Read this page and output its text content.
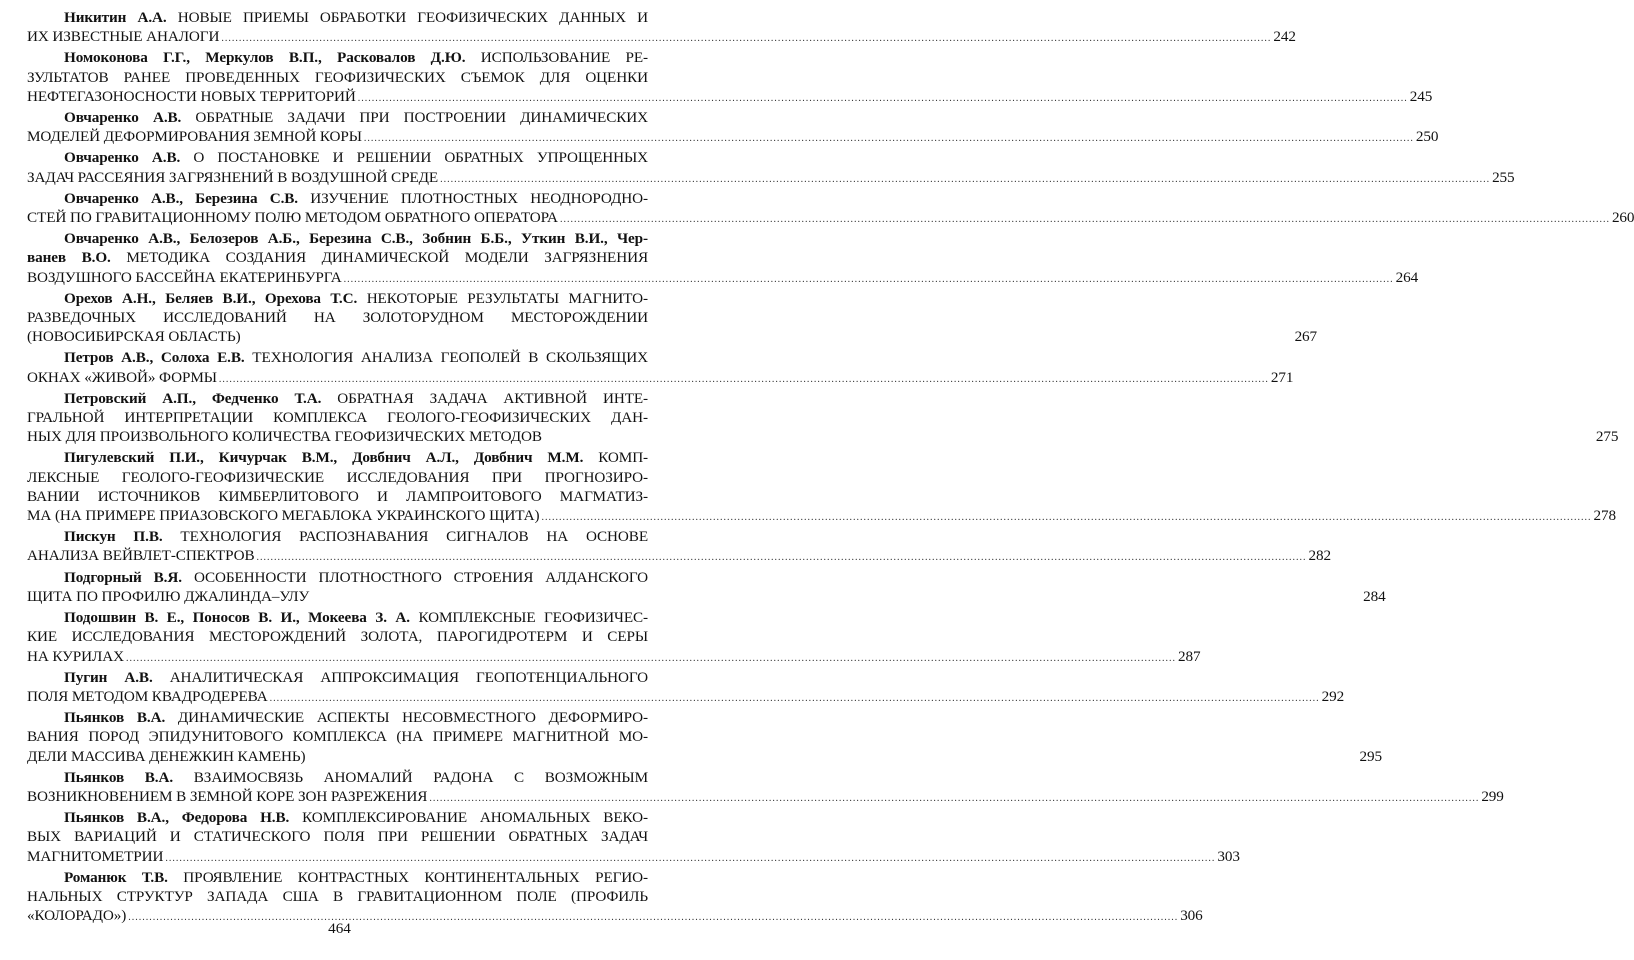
Никитин А.А. НОВЫЕ ПРИЕМЫ ОБРАБОТКИ ГЕОФИЗИЧЕСКИХ ДАННЫХ И
ИХ ИЗВЕСТНЫЕ АНАЛОГИ ............................................................................................................................................................................................................................................................................................................ 242
Номоконова Г.Г., Меркулов В.П., Расковалов Д.Ю. ИСПОЛЬЗОВАНИЕ РЕ-
ЗУЛЬТАТОВ РАНЕЕ ПРОВЕДЕННЫХ ГЕОФИЗИЧЕСКИХ СЪЕМОК ДЛЯ ОЦЕНКИ
НЕФТЕГАЗОНОСНОСТИ НОВЫХ ТЕРРИТОРИЙ ............................................................................................................................................................................................................................................................................................................ 245
Овчаренко А.В. ОБРАТНЫЕ ЗАДАЧИ ПРИ ПОСТРОЕНИИ ДИНАМИЧЕСКИХ
МОДЕЛЕЙ ДЕФОРМИРОВАНИЯ ЗЕМНОЙ КОРЫ ............................................................................................................................................................................................................................................................................................................ 250
Овчаренко А.В. О ПОСТАНОВКЕ И РЕШЕНИИ ОБРАТНЫХ УПРОЩЕННЫХ
ЗАДАЧ РАССЕЯНИЯ ЗАГРЯЗНЕНИЙ В ВОЗДУШНОЙ СРЕДЕ ............................................................................................................................................................................................................................................................................................................ 255
Овчаренко А.В., Березина С.В. ИЗУЧЕНИЕ ПЛОТНОСТНЫХ НЕОДНОРОДНО-
СТЕЙ ПО ГРАВИТАЦИОННОМУ ПОЛЮ МЕТОДОМ ОБРАТНОГО ОПЕРАТОРА ............................................................................................................................................................................................................................................................................................................ 260
Овчаренко А.В., Белозеров А.Б., Березина С.В., Зобнин Б.Б., Уткин В.И., Чер-
ванев В.О. МЕТОДИКА СОЗДАНИЯ ДИНАМИЧЕСКОЙ МОДЕЛИ ЗАГРЯЗНЕНИЯ
ВОЗДУШНОГО БАССЕЙНА ЕКАТЕРИНБУРГА ............................................................................................................................................................................................................................................................................................................ 264
Орехов А.Н., Беляев В.И., Орехова Т.С. НЕКОТОРЫЕ РЕЗУЛЬТАТЫ МАГНИТО-
РАЗВЕДОЧНЫХ ИССЛЕДОВАНИЙ НА ЗОЛОТОРУДНОМ МЕСТОРОЖДЕНИИ
(НОВОСИБИРСКАЯ ОБЛАСТЬ)	267
Петров А.В., Солоха Е.В. ТЕХНОЛОГИЯ АНАЛИЗА ГЕОПОЛЕЙ В СКОЛЬЗЯЩИХ
ОКНАХ «ЖИВОЙ» ФОРМЫ ............................................................................................................................................................................................................................................................................................................ 271
Петровский А.П., Федченко Т.А. ОБРАТНАЯ ЗАДАЧА АКТИВНОЙ ИНТЕ-
ГРАЛЬНОЙ ИНТЕРПРЕТАЦИИ КОМПЛЕКСА ГЕОЛОГО-ГЕОФИЗИЧЕСКИХ ДАН-
НЫХ ДЛЯ ПРОИЗВОЛЬНОГО КОЛИЧЕСТВА ГЕОФИЗИЧЕСКИХ МЕТОДОВ	275
Пигулевский П.И., Кичурчак В.М., Довбнич А.Л., Довбнич М.М. КОМП-
ЛЕКСНЫЕ ГЕОЛОГО-ГЕОФИЗИЧЕСКИЕ ИССЛЕДОВАНИЯ ПРИ ПРОГНОЗИРО-
ВАНИИ ИСТОЧНИКОВ КИМБЕРЛИТОВОГО И ЛАМПРОИТОВОГО МАГМАТИЗ-
МА (НА ПРИМЕРЕ ПРИАЗОВСКОГО МЕГАБЛОКА УКРАИНСКОГО ЩИТА) ............................................................................................................................................................................................................................................................................................................ 278
Пискун П.В. ТЕХНОЛОГИЯ РАСПОЗНАВАНИЯ СИГНАЛОВ НА ОСНОВЕ
АНАЛИЗА ВЕЙВЛЕТ-СПЕКТРОВ ............................................................................................................................................................................................................................................................................................................ 282
Подгорный В.Я. ОСОБЕННОСТИ ПЛОТНОСТНОГО СТРОЕНИЯ АЛДАНСКОГО
ЩИТА ПО ПРОФИЛЮ ДЖАЛИНДА–УЛУ	284
Подошвин В. Е., Поносов В. И., Мокеева З. А. КОМПЛЕКСНЫЕ ГЕОФИЗИЧЕС-
КИЕ ИССЛЕДОВАНИЯ МЕСТОРОЖДЕНИЙ ЗОЛОТА, ПАРОГИДРОТЕРМ И СЕРЫ
НА КУРИЛАХ ............................................................................................................................................................................................................................................................................................................ 287
Пугин А.В. АНАЛИТИЧЕСКАЯ АППРОКСИМАЦИЯ ГЕОПОТЕНЦИАЛЬНОГО
ПОЛЯ МЕТОДОМ КВАДРОДЕРЕВА ............................................................................................................................................................................................................................................................................................................ 292
Пьянков В.А. ДИНАМИЧЕСКИЕ АСПЕКТЫ НЕСОВМЕСТНОГО ДЕФОРМИРО-
ВАНИЯ ПОРОД ЭПИДУНИТОВОГО КОМПЛЕКСА (НА ПРИМЕРЕ МАГНИТНОЙ МО-
ДЕЛИ МАССИВА ДЕНЕЖКИН КАМЕНЬ)	295
Пьянков В.А. ВЗАИМОСВЯЗЬ АНОМАЛИЙ РАДОНА С ВОЗМОЖНЫМ
ВОЗНИКНОВЕНИЕМ В ЗЕМНОЙ КОРЕ ЗОН РАЗРЕЖЕНИЯ ............................................................................................................................................................................................................................................................................................................ 299
Пьянков В.А., Федорова Н.В. КОМПЛЕКСИРОВАНИЕ АНОМАЛЬНЫХ ВЕКО-
ВЫХ ВАРИАЦИЙ И СТАТИЧЕСКОГО ПОЛЯ ПРИ РЕШЕНИИ ОБРАТНЫХ ЗАДАЧ
МАГНИТОМЕТРИИ ............................................................................................................................................................................................................................................................................................................ 303
Романюк Т.В. ПРОЯВЛЕНИЕ КОНТРАСТНЫХ КОНТИНЕНТАЛЬНЫХ РЕГИО-
НАЛЬНЫХ СТРУКТУР ЗАПАДА США В ГРАВИТАЦИОННОМ ПОЛЕ (ПРОФИЛЬ
«КОЛОРАДО») ............................................................................................................................................................................................................................................................................................................ 306
464
